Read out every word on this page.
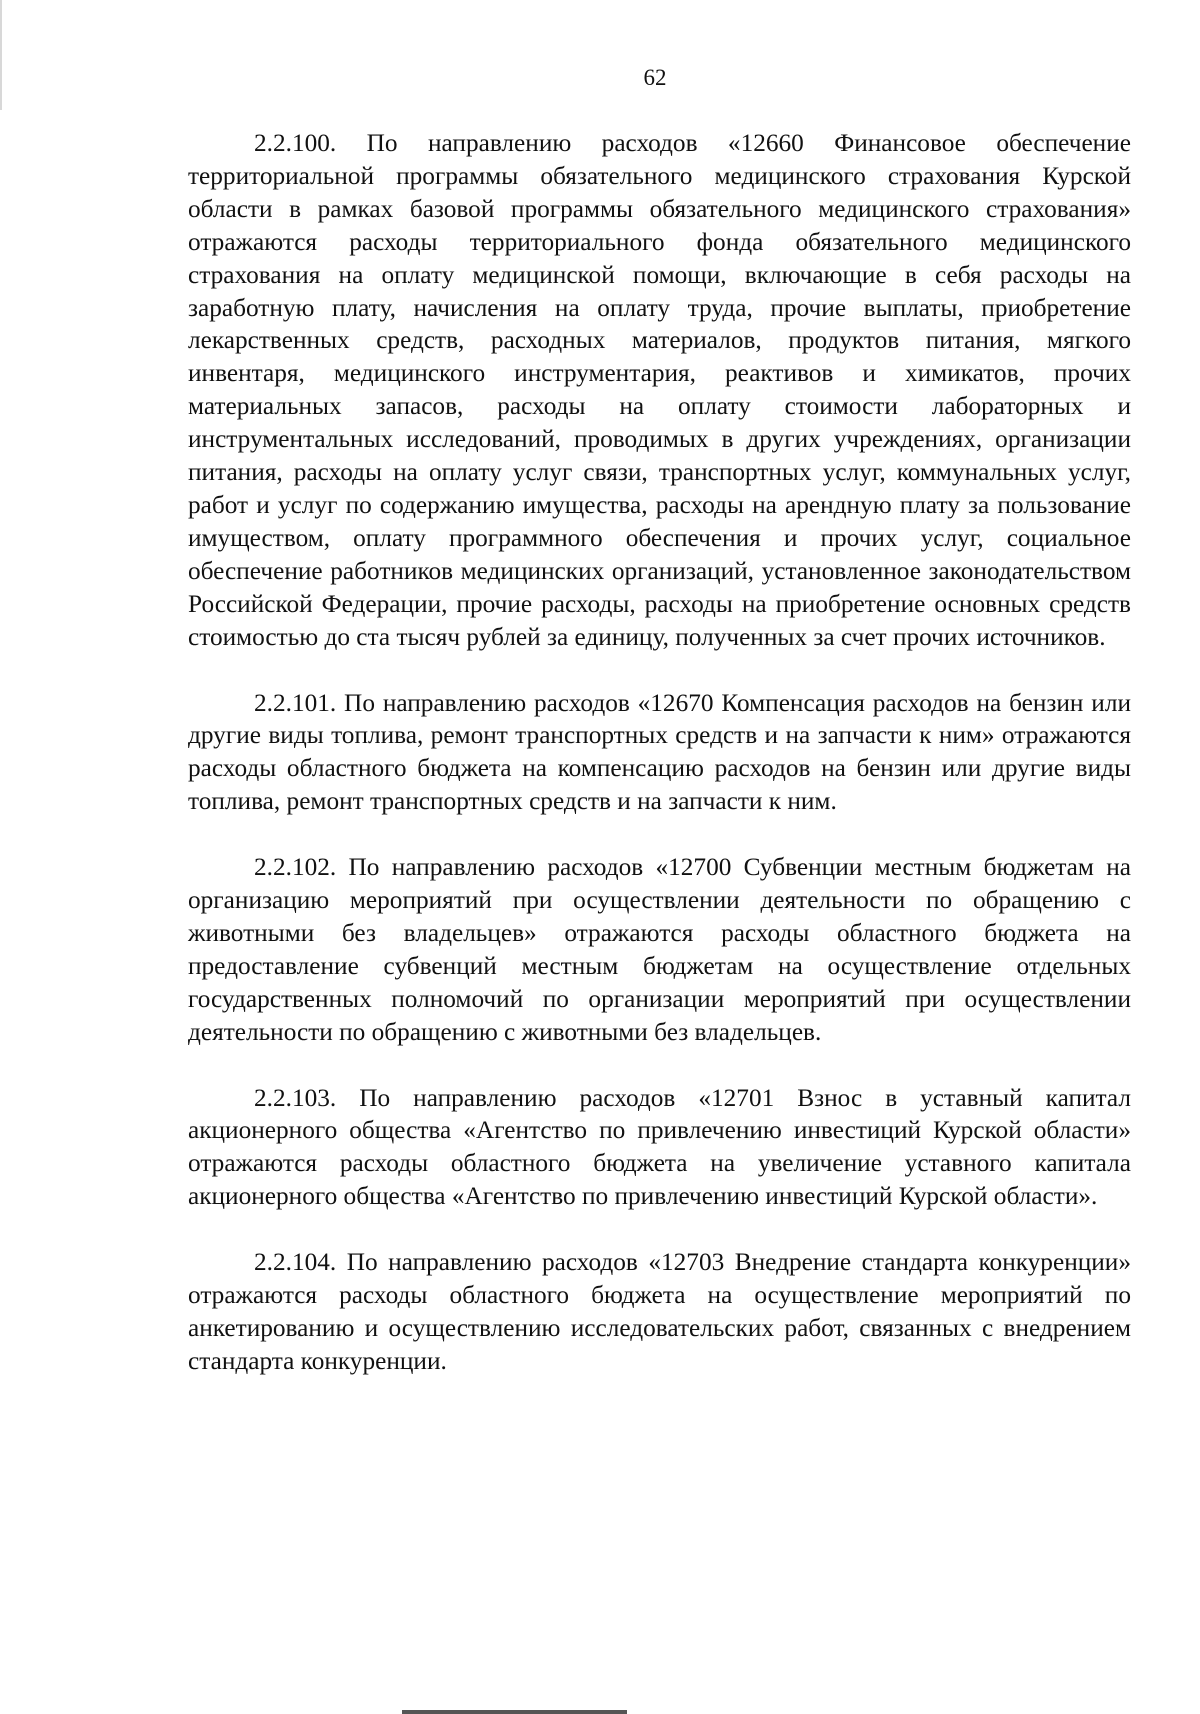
62

2.2.100. По направлению расходов «12660 Финансовое обеспечение территориальной программы обязательного медицинского страхования Курской области в рамках базовой программы обязательного медицинского страхования» отражаются расходы территориального фонда обязательного медицинского страхования на оплату медицинской помощи, включающие в себя расходы на заработную плату, начисления на оплату труда, прочие выплаты, приобретение лекарственных средств, расходных материалов, продуктов питания, мягкого инвентаря, медицинского инструментария, реактивов и химикатов, прочих материальных запасов, расходы на оплату стоимости лабораторных и инструментальных исследований, проводимых в других учреждениях, организации питания, расходы на оплату услуг связи, транспортных услуг, коммунальных услуг, работ и услуг по содержанию имущества, расходы на арендную плату за пользование имуществом, оплату программного обеспечения и прочих услуг, социальное обеспечение работников медицинских организаций, установленное законодательством Российской Федерации, прочие расходы, расходы на приобретение основных средств стоимостью до ста тысяч рублей за единицу, полученных за счет прочих источников.

2.2.101. По направлению расходов «12670 Компенсация расходов на бензин или другие виды топлива, ремонт транспортных средств и на запчасти к ним» отражаются расходы областного бюджета на компенсацию расходов на бензин или другие виды топлива, ремонт транспортных средств и на запчасти к ним.

2.2.102. По направлению расходов «12700 Субвенции местным бюджетам на организацию мероприятий при осуществлении деятельности по обращению с животными без владельцев» отражаются расходы областного бюджета на предоставление субвенций местным бюджетам на осуществление отдельных государственных полномочий по организации мероприятий при осуществлении деятельности по обращению с животными без владельцев.

2.2.103. По направлению расходов «12701 Взнос в уставный капитал акционерного общества «Агентство по привлечению инвестиций Курской области» отражаются расходы областного бюджета на увеличение уставного капитала акционерного общества «Агентство по привлечению инвестиций Курской области».

2.2.104. По направлению расходов «12703 Внедрение стандарта конкуренции» отражаются расходы областного бюджета на осуществление мероприятий по анкетированию и осуществлению исследовательских работ, связанных с внедрением стандарта конкуренции.
